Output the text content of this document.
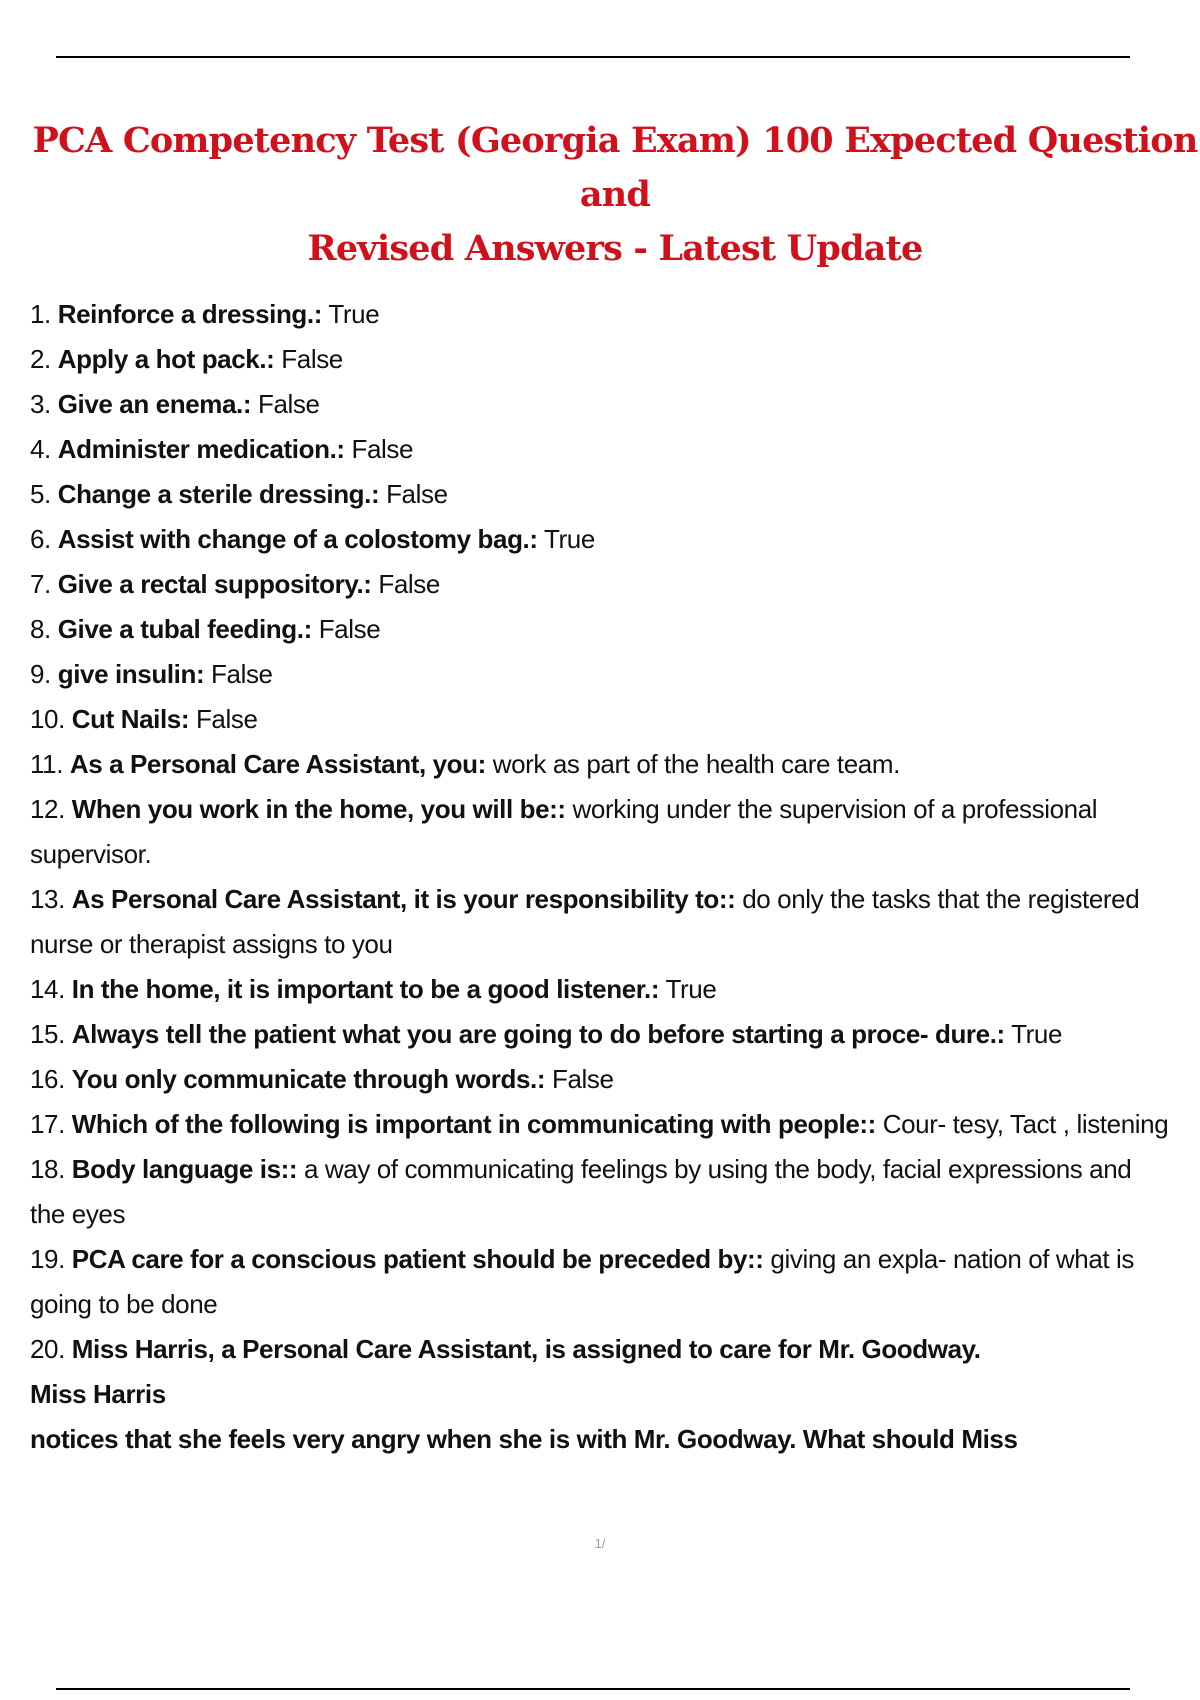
PCA Competency Test (Georgia Exam) 100 Expected Question and
Revised Answers - Latest Update
1. Reinforce a dressing.: True
2. Apply a hot pack.: False
3. Give an enema.: False
4. Administer medication.: False
5. Change a sterile dressing.: False
6. Assist with change of a colostomy bag.: True
7. Give a rectal suppository.: False
8. Give a tubal feeding.: False
9. give insulin: False
10. Cut Nails: False
11. As a Personal Care Assistant, you: work as part of the health care team.
12. When you work in the home, you will be:: working under the supervision of a professional supervisor.
13. As Personal Care Assistant, it is your responsibility to:: do only the tasks that the registered nurse or therapist assigns to you
14. In the home, it is important to be a good listener.: True
15. Always tell the patient what you are going to do before starting a proce- dure.: True
16. You only communicate through words.: False
17. Which of the following is important in communicating with people:: Cour- tesy, Tact , listening
18. Body language is:: a way of communicating feelings by using the body, facial expressions and the eyes
19. PCA care for a conscious patient should be preceded by:: giving an expla- nation of what is going to be done
20. Miss Harris, a Personal Care Assistant, is assigned to care for Mr. Goodway.
Miss Harris
notices that she feels very angry when she is with Mr. Goodway. What should Miss
1/
